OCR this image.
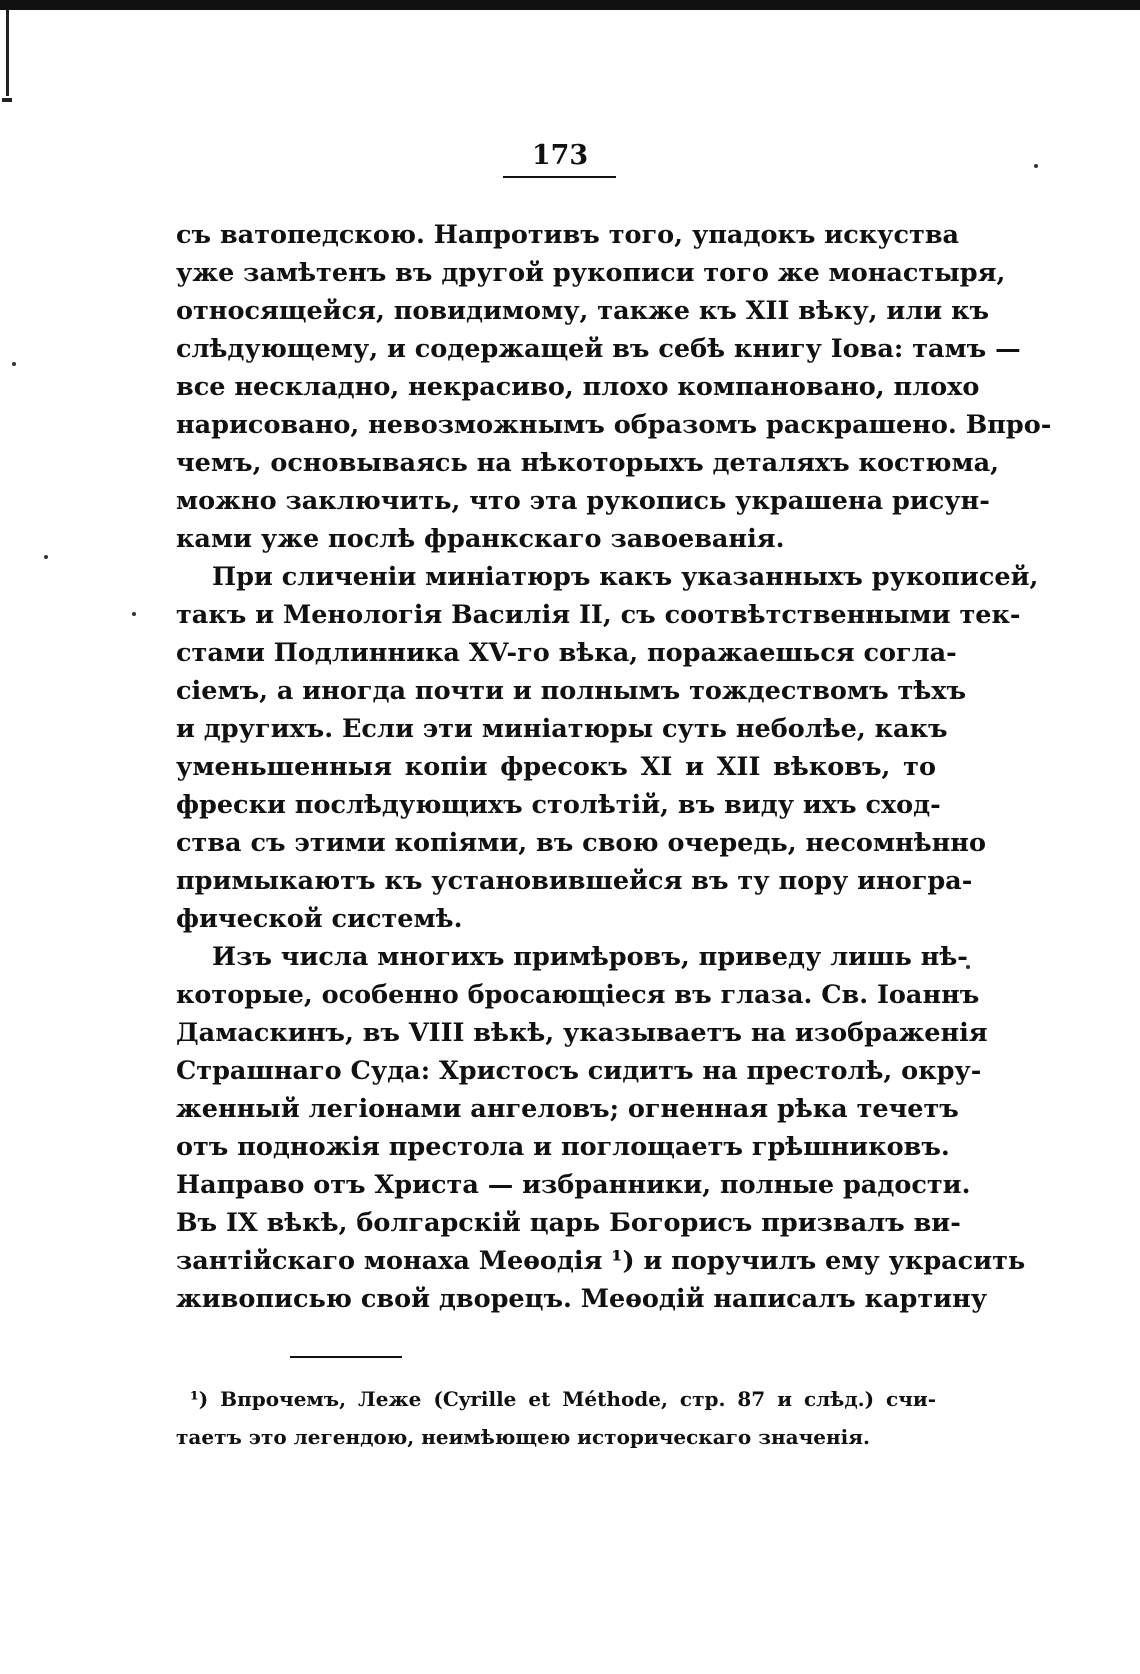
173
съ ватопедскою. Напротивъ того, упадокъ искуства
уже замѣтенъ въ другой рукописи того же монастыря,
относящейся, повидимому, также къ XII вѣку, или къ
слѣдующему, и содержащей въ себѣ книгу Іова: тамъ —
все нескладно, некрасиво, плохо компановано, плохо
нарисовано, невозможнымъ образомъ раскрашено. Впро-
чемъ, основываясь на нѣкоторыхъ деталяхъ костюма,
можно заключить, что эта рукопись украшена рисун-
ками уже послѣ франкскаго завоеванія.
При сличеніи миніатюръ какъ указанныхъ рукописей,
такъ и Менологія Василія II, съ соотвѣтственными тек-
стами Подлинника XV-го вѣка, поражаешься согла-
сіемъ, а иногда почти и полнымъ тождествомъ тѣхъ
и другихъ. Если эти миніатюры суть неболѣе, какъ
уменьшенныя копіи фресокъ XI и XII вѣковъ, то
фрески послѣдующихъ столѣтій, въ виду ихъ сход-
ства съ этими копіями, въ свою очередь, несомнѣнно
примыкаютъ къ установившейся въ ту пору иногра-
фической системѣ.
Изъ числа многихъ примѣровъ, приведу лишь нѣ-
которые, особенно бросающіеся въ глаза. Св. Іоаннъ
Дамаскинъ, въ VIII вѣкѣ, указываетъ на изображенія
Страшнаго Суда: Христосъ сидитъ на престолѣ, окру-
женный легіонами ангеловъ; огненная рѣка течетъ
отъ подножія престола и поглощаетъ грѣшниковъ.
Направо отъ Христа — избранники, полные радости.
Въ IX вѣкѣ, болгарскій царь Богорисъ призвалъ ви-
зантійскаго монаха Меѳодія ¹) и поручилъ ему украсить
живописью свой дворецъ. Меѳодій написалъ картину
¹) Впрочемъ, Леже (Cyrille et Méthode, стр. 87 и слѣд.) счи-
таетъ это легендою, неимѣющею историческаго значенія.
